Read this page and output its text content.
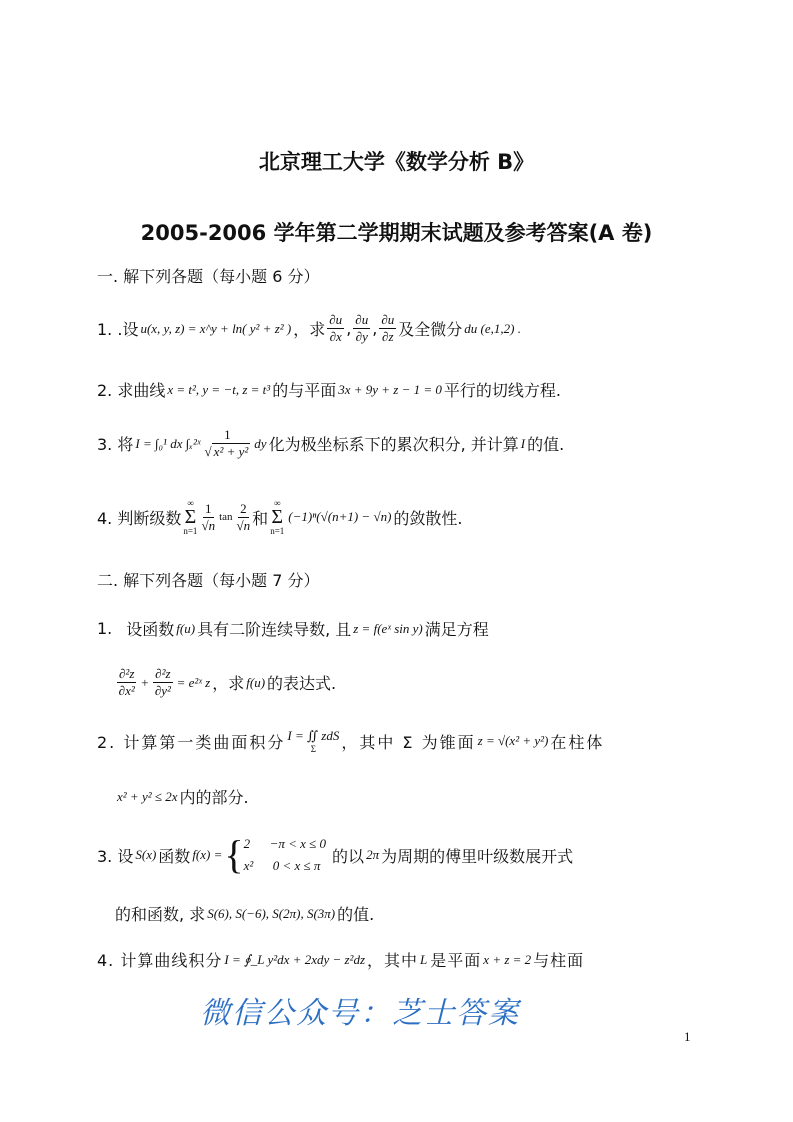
北京理工大学《数学分析 B》
2005-2006 学年第二学期期末试题及参考答案(A 卷)
一. 解下列各题（每小题 6 分）
1. .设 u(x, y, z) = x^y + ln( y² + z² ) ，求 $\frac{\partial u}{\partial x}$ , $\frac{\partial u}{\partial y}$ , $\frac{\partial u}{\partial z}$ 及全微分 du (e,1,2) .
2. 求曲线 x = t², y = −t, z = t³ 的与平面 3x + 9y + z − 1 = 0 平行的切线方程.
3. 将 I = ∫₀¹ dx ∫ₓ²ˣ $\frac{1}{\text{√ x² + y²}}$ dy 化为极坐标系下的累次积分, 并计算 I 的值.
4. 判断级数
∞
Σ
$n=1 \frac{1}{√n}$ $\tan \frac{2}{√n}$ 和
∞
Σ
n=1
(−1)ⁿ(√(n+1) − √n) 的敛散性.
二. 解下列各题（每小题 7 分）
1. 设函数 f(u) 具有二阶连续导数, 且 z = f(eˣ sin y) 满足方程
$\frac{\text{∂²z}}{\text{∂x²}} + \frac{\text{∂²z}}{\text{∂y²}}$ = e²ˣ z ，求 f(u) 的表达式.
2. 计算第一类曲面积分 I = ∬ zdS
Σ ，其中 Σ 为锥面 z = √(x² + y²) 在柱体
x² + y² ≤ 2x 内的部分.
3. 设 S(x) 函数 f(x) = { 2      −π < x ≤ 0
x²      0 < x ≤ π 的以 2π 为周期的傅里叶级数展开式
的和函数, 求 S(6), S(−6), S(2π), S(3π) 的值.
4. 计算曲线积分 I = ∮_L y²dx + 2xdy − z²dz ，其中 L 是平面 x + z = 2 与柱面
微信公众号：芝士答案
1
